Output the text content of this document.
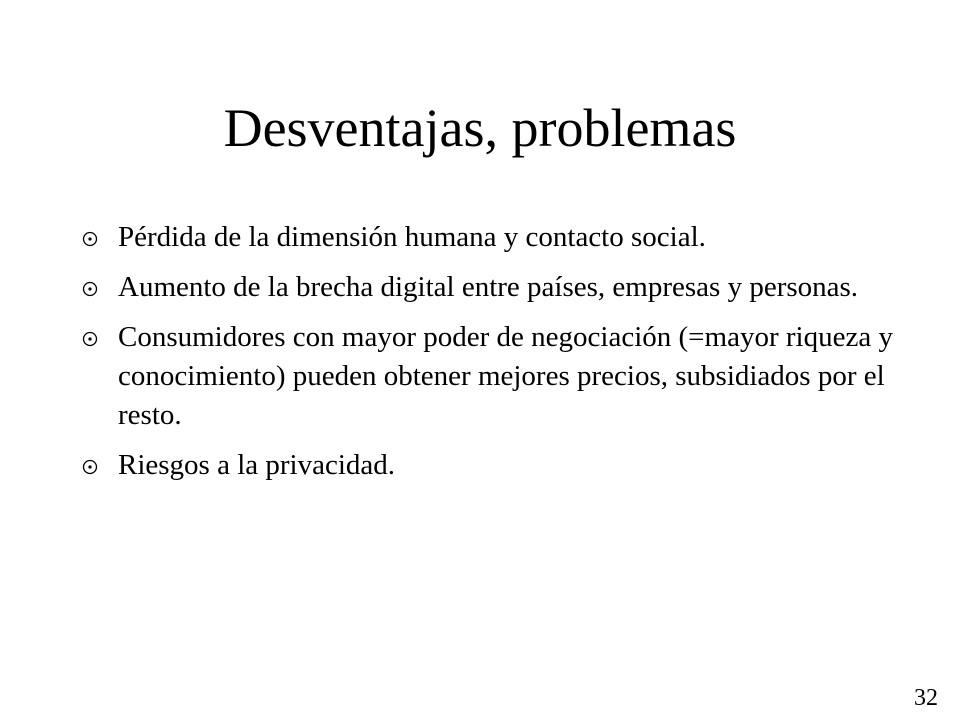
Desventajas, problemas
Pérdida de la dimensión humana y contacto social.
Aumento de la brecha digital entre países, empresas y personas.
Consumidores con mayor poder de negociación (=mayor riqueza y conocimiento) pueden obtener mejores precios, subsidiados por el resto.
Riesgos a la privacidad.
32
